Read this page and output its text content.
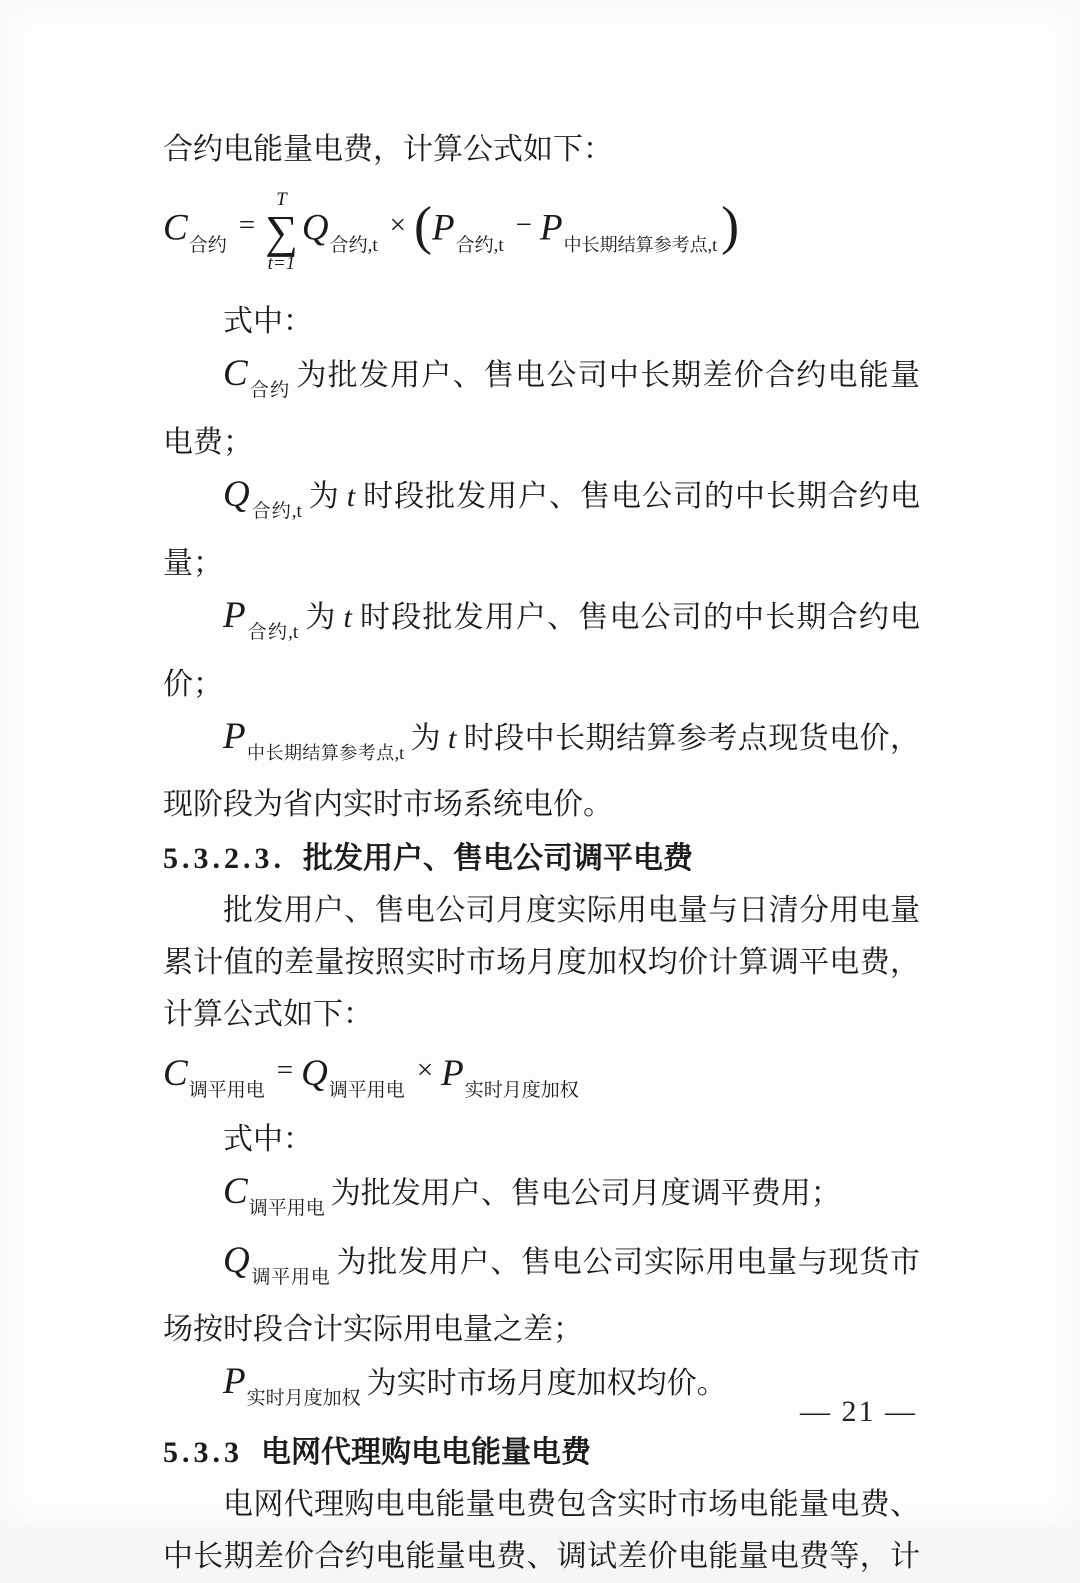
合约电能量电费，计算公式如下：

C合约=
T
∑
t=1
Q合约,t× (P合约,t− P中长期结算参考点,t)

式中：

$C_{合约}$ 为批发用户、售电公司中长期差价合约电能量电费；

$Q_{合约,t}$ 为 t 时段批发用户、售电公司的中长期合约电量；

$P_{合约,t}$ 为 t 时段批发用户、售电公司的中长期合约电价；

$P_{中长期结算参考点,t}$ 为 t 时段中长期结算参考点现货电价，现阶段为省内实时市场系统电价。

5.3.2.3. 批发用户、售电公司调平电费

批发用户、售电公司月度实际用电量与日清分用电量累计值的差量按照实时市场月度加权均价计算调平电费，计算公式如下：

C调平用电= Q调平用电× P实时月度加权

式中：

$C_{调平用电}$ 为批发用户、售电公司月度调平费用；

$Q_{调平用电}$ 为批发用户、售电公司实际用电量与现货市场按时段合计实际用电量之差；

$P_{实时月度加权}$ 为实时市场月度加权均价。

5.3.3 电网代理购电电能量电费

电网代理购电电能量电费包含实时市场电能量电费、中长期差价合约电能量电费、调试差价电能量电费等，计

— 21 —
